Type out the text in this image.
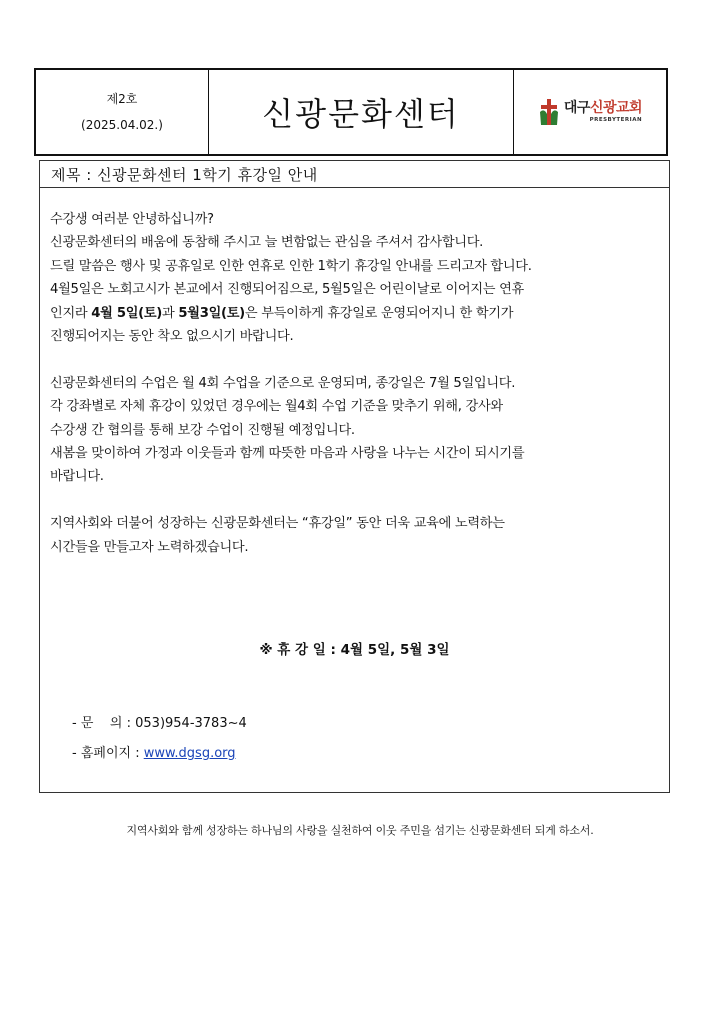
제2호
(2025.04.02.)	신광문화센터	대구신광교회
PRESBYTERIAN
제목 : 신광문화센터 1학기 휴강일 안내

수강생 여러분 안녕하십니까?

신광문화센터의 배움에 동참해 주시고 늘 변함없는 관심을 주셔서 감사합니다.

드릴 말씀은 행사 및 공휴일로 인한 연휴로 인한 1학기 휴강일 안내를 드리고자 합니다.

4월5일은 노회고시가 본교에서 진행되어짐으로, 5월5일은 어린이날로 이어지는 연휴

인지라 4월 5일(토)과 5월3일(토)은 부득이하게 휴강일로 운영되어지니 한 학기가

진행되어지는 동안 착오 없으시기 바랍니다.

신광문화센터의 수업은 월 4회 수업을 기준으로 운영되며, 종강일은 7월 5일입니다.

각 강좌별로 자체 휴강이 있었던 경우에는 월4회 수업 기준을 맞추기 위해, 강사와

수강생 간 협의를 통해 보강 수업이 진행될 예정입니다.

새봄을 맞이하여 가정과 이웃들과 함께 따뜻한 마음과 사랑을 나누는 시간이 되시기를

바랍니다.

지역사회와 더불어 성장하는 신광문화센터는 “휴강일” 동안 더욱 교육에 노력하는

시간들을 만들고자 노력하겠습니다.

※ 휴 강 일 : 4월 5일, 5월 3일
- 문    의 : 053)954-3783~4
- 홈페이지 : www.dgsg.org
지역사회와 함께 성장하는 하나님의 사랑을 실천하여 이웃 주민을 섬기는 신광문화센터 되게 하소서.
